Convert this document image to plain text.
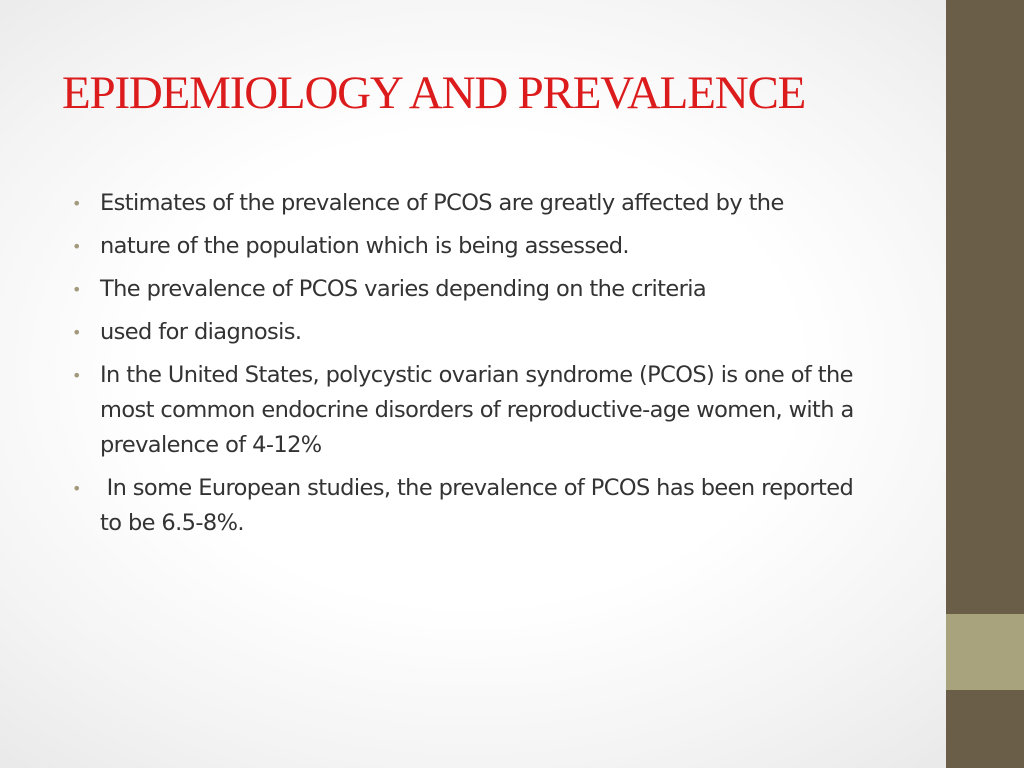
EPIDEMIOLOGY AND PREVALENCE
• Estimates of the prevalence of PCOS are greatly affected by the
• nature of the population which is being assessed.
• The prevalence of PCOS varies depending on the criteria
• used for diagnosis.
• In the United States, polycystic ovarian syndrome (PCOS) is one of the most common endocrine disorders of reproductive-age women, with a prevalence of 4-12%
• In some European studies, the prevalence of PCOS has been reported to be 6.5-8%.
